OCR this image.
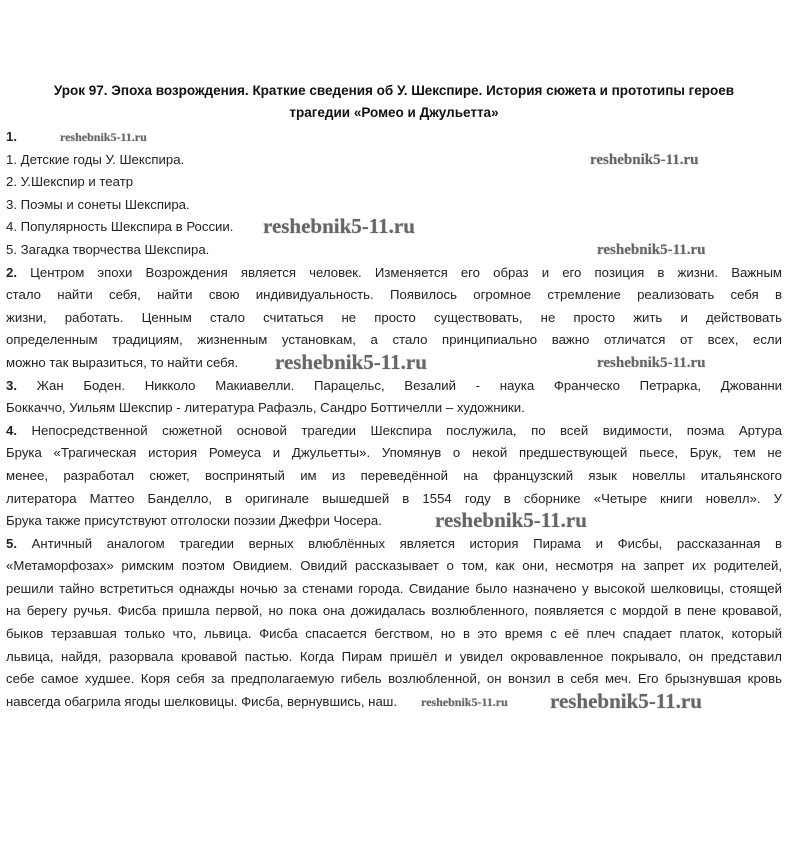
Урок 97. Эпоха возрождения. Краткие сведения об У. Шекспире. История сюжета и прототипы героев
трагедии «Ромео и Джульетта»
1.	reshebnik5-11.ru
1. Детские годы У. Шекспира.	reshebnik5-11.ru
2. У.Шекспир и театр
3. Поэмы и сонеты Шекспира.
4. Популярность Шекспира в России. reshebnik5-11.ru
5. Загадка творчества Шекспира.	reshebnik5-11.ru
2. Центром эпохи Возрождения является человек. Изменяется его образ и его позиция в жизни. Важным
стало найти себя, найти свою индивидуальность. Появилось огромное стремление реализовать себя в
жизни, работать. Ценным стало считаться не просто существовать, не просто жить и действовать
определенным традициям, жизненным установкам, а стало принципиально важно отличатся от всех, если
можно так выразиться, то найти себя. reshebnik5-11.ru	reshebnik5-11.ru
3. Жан Боден. Никколо Макиавелли. Парацельс, Везалий - наука Франческо Петрарка, Джованни
Боккаччо, Уильям Шекспир - литература Рафаэль, Сандро Боттичелли – художники.
4. Непосредственной сюжетной основой трагедии Шекспира послужила, по всей видимости, поэма Артура
Брука «Трагическая история Ромеуса и Джульетты». Упомянув о некой предшествующей пьесе, Брук, тем не
менее, разработал сюжет, воспринятый им из переведённой на французский язык новеллы итальянского
литератора Маттео Банделло, в оригинале вышедшей в 1554 году в сборнике «Четыре книги новелл». У
Брука также присутствуют отголоски поэзии Джефри Чосера.	reshebnik5-11.ru
5. Античный аналогом трагедии верных влюблённых является история Пирама и Фисбы, рассказанная в
«Метаморфозах» римским поэтом Овидием. Овидий рассказывает о том, как они, несмотря на запрет их родителей,
решили тайно встретиться однажды ночью за стенами города. Свидание было назначено у высокой шелковицы, стоящей
на берегу ручья. Фисба пришла первой, но пока она дожидалась возлюбленного, появляется с мордой в пене кровавой,
быков терзавшая только что, львица. Фисба спасается бегством, но в это время с её плеч спадает платок, который
львица, найдя, разорвала кровавой пастью. Когда Пирам пришёл и увидел окровавленное покрывало, он представил
себе самое худшее. Коря себя за предполагаемую гибель возлюбленной, он вонзил в себя меч. Его брызнувшая кровь
навсегда обагрила ягоды шелковицы. Фисба, вернувшись, наш. reshebnik5-11.ru reshebnik5-11.ru
